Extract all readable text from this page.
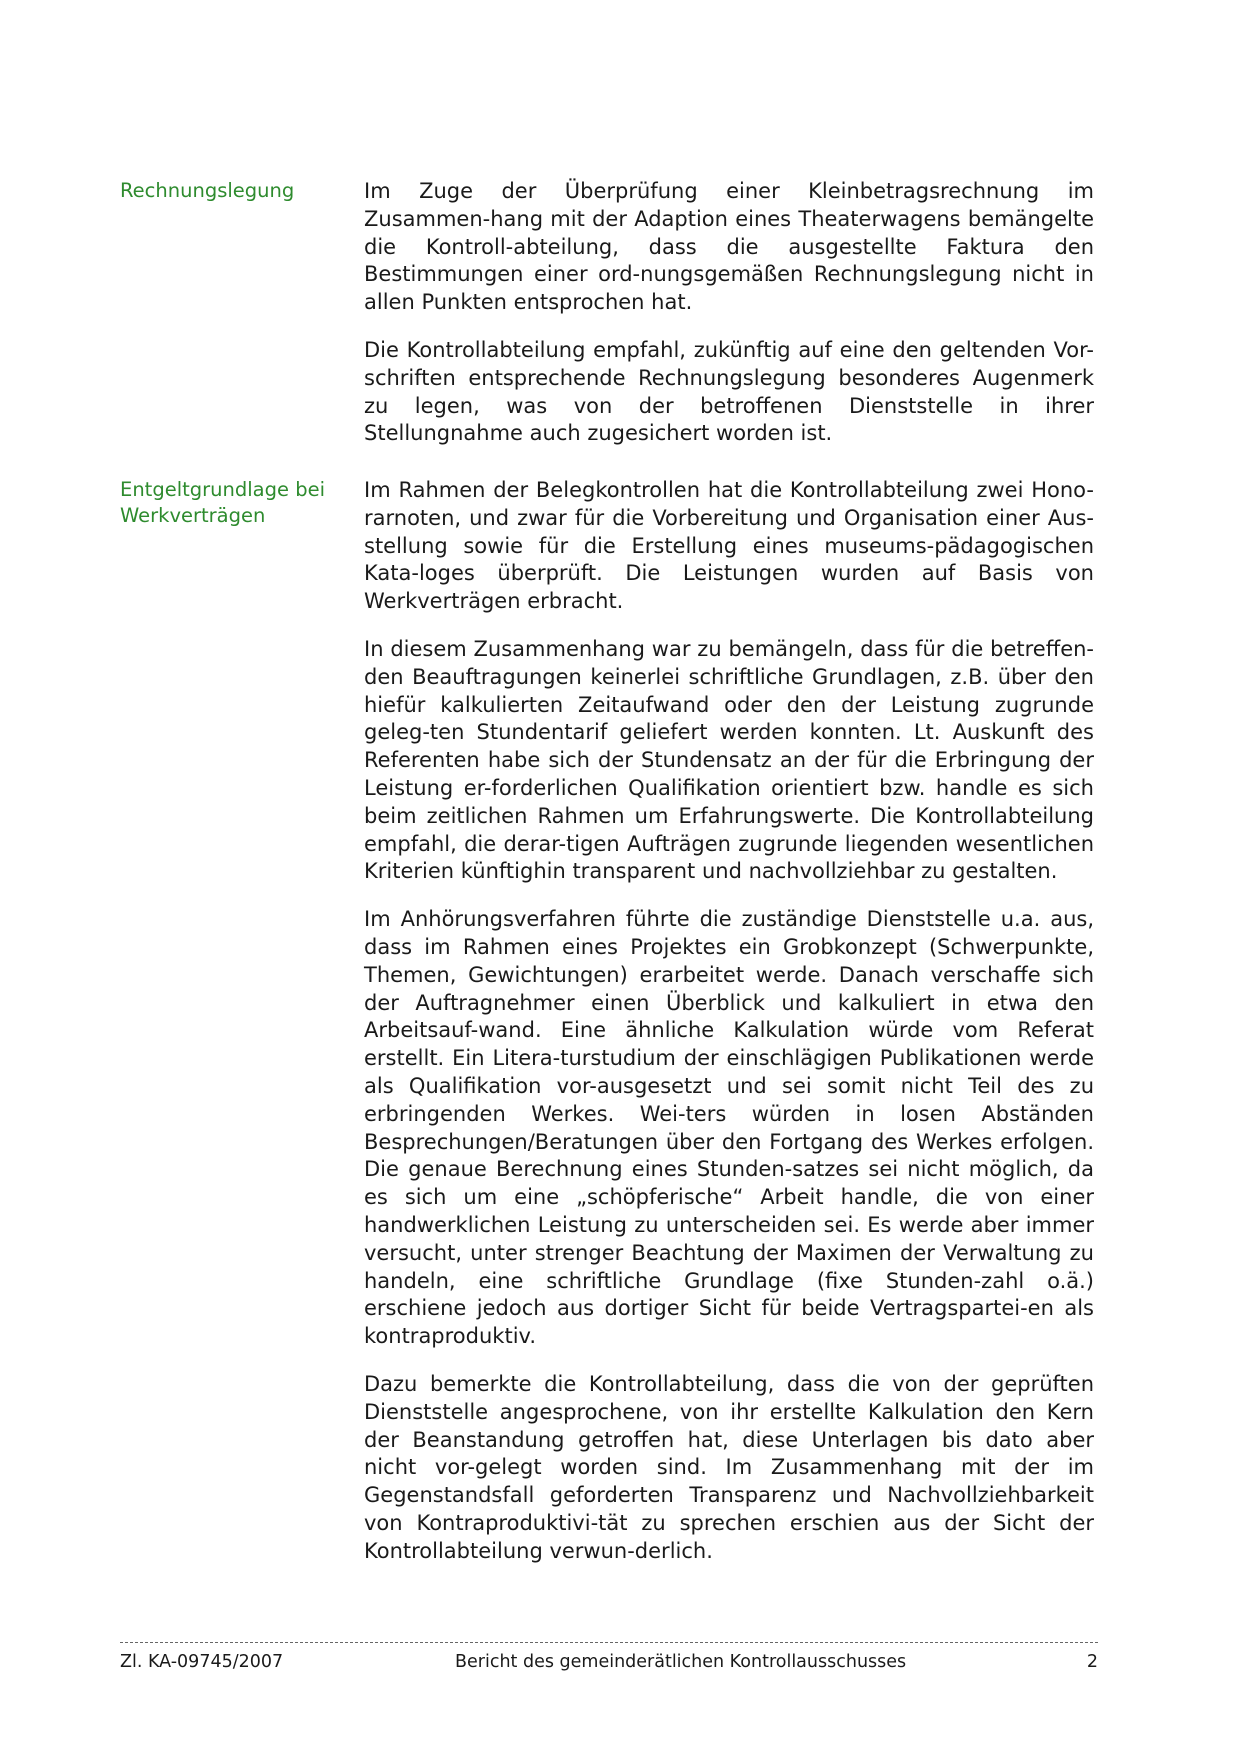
Rechnungslegung	Im Zuge der Überprüfung einer Kleinbetragsrechnung im Zusammen-hang mit der Adaption eines Theaterwagens bemängelte die Kontroll-abteilung, dass die ausgestellte Faktura den Bestimmungen einer ord-nungsgemäßen Rechnungslegung nicht in allen Punkten entsprochen hat.

Die Kontrollabteilung empfahl, zukünftig auf eine den geltenden Vor-schriften entsprechende Rechnungslegung besonderes Augenmerk zu legen, was von der betroffenen Dienststelle in ihrer Stellungnahme auch zugesichert worden ist.

Entgeltgrundlage bei Werkverträgen

Im Rahmen der Belegkontrollen hat die Kontrollabteilung zwei Hono-rarnoten, und zwar für die Vorbereitung und Organisation einer Aus-stellung sowie für die Erstellung eines museums-pädagogischen Kata-loges überprüft. Die Leistungen wurden auf Basis von Werkverträgen erbracht.

In diesem Zusammenhang war zu bemängeln, dass für die betreffen-den Beauftragungen keinerlei schriftliche Grundlagen, z.B. über den hiefür kalkulierten Zeitaufwand oder den der Leistung zugrunde geleg-ten Stundentarif geliefert werden konnten. Lt. Auskunft des Referenten habe sich der Stundensatz an der für die Erbringung der Leistung er-forderlichen Qualifikation orientiert bzw. handle es sich beim zeitlichen Rahmen um Erfahrungswerte. Die Kontrollabteilung empfahl, die derar-tigen Aufträgen zugrunde liegenden wesentlichen Kriterien künftighin transparent und nachvollziehbar zu gestalten.

Im Anhörungsverfahren führte die zuständige Dienststelle u.a. aus, dass im Rahmen eines Projektes ein Grobkonzept (Schwerpunkte, Themen, Gewichtungen) erarbeitet werde. Danach verschaffe sich der Auftragnehmer einen Überblick und kalkuliert in etwa den Arbeitsauf-wand. Eine ähnliche Kalkulation würde vom Referat erstellt. Ein Litera-turstudium der einschlägigen Publikationen werde als Qualifikation vor-ausgesetzt und sei somit nicht Teil des zu erbringenden Werkes. Wei-ters würden in losen Abständen Besprechungen/Beratungen über den Fortgang des Werkes erfolgen. Die genaue Berechnung eines Stunden-satzes sei nicht möglich, da es sich um eine „schöpferische“ Arbeit handle, die von einer handwerklichen Leistung zu unterscheiden sei. Es werde aber immer versucht, unter strenger Beachtung der Maximen der Verwaltung zu handeln, eine schriftliche Grundlage (fixe Stunden-zahl o.ä.) erschiene jedoch aus dortiger Sicht für beide Vertragspartei-en als kontraproduktiv.

Dazu bemerkte die Kontrollabteilung, dass die von der geprüften Dienststelle angesprochene, von ihr erstellte Kalkulation den Kern der Beanstandung getroffen hat, diese Unterlagen bis dato aber nicht vor-gelegt worden sind. Im Zusammenhang mit der im Gegenstandsfall geforderten Transparenz und Nachvollziehbarkeit von Kontraproduktivi-tät zu sprechen erschien aus der Sicht der Kontrollabteilung verwun-derlich.

Zl. KA-09745/2007	Bericht des gemeinderätlichen Kontrollausschusses	2
